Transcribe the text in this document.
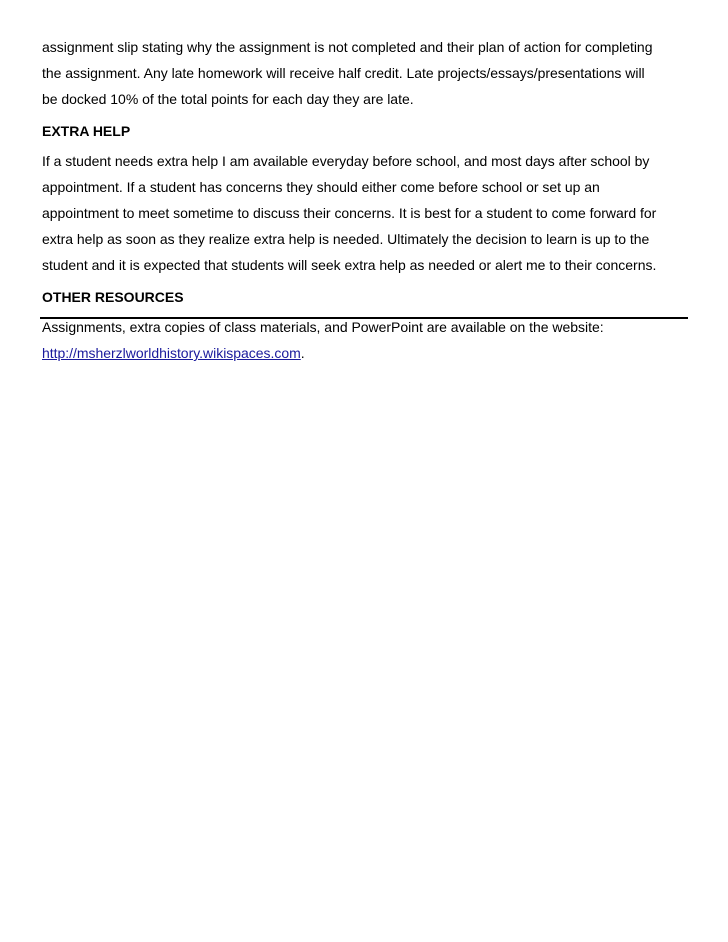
assignment slip stating why the assignment is not completed and their plan of action for completing
the assignment. Any late homework will receive half credit. Late projects/essays/presentations will
be docked 10% of the total points for each day they are late.
EXTRA HELP
If a student needs extra help I am available everyday before school, and most days after school by
appointment. If a student has concerns they should either come before school or set up an
appointment to meet sometime to discuss their concerns. It is best for a student to come forward for
extra help as soon as they realize extra help is needed. Ultimately the decision to learn is up to the
student and it is expected that students will seek extra help as needed or alert me to their concerns.
OTHER RESOURCES
Assignments, extra copies of class materials, and PowerPoint are available on the website:
http://msherzlworldhistory.wikispaces.com.
